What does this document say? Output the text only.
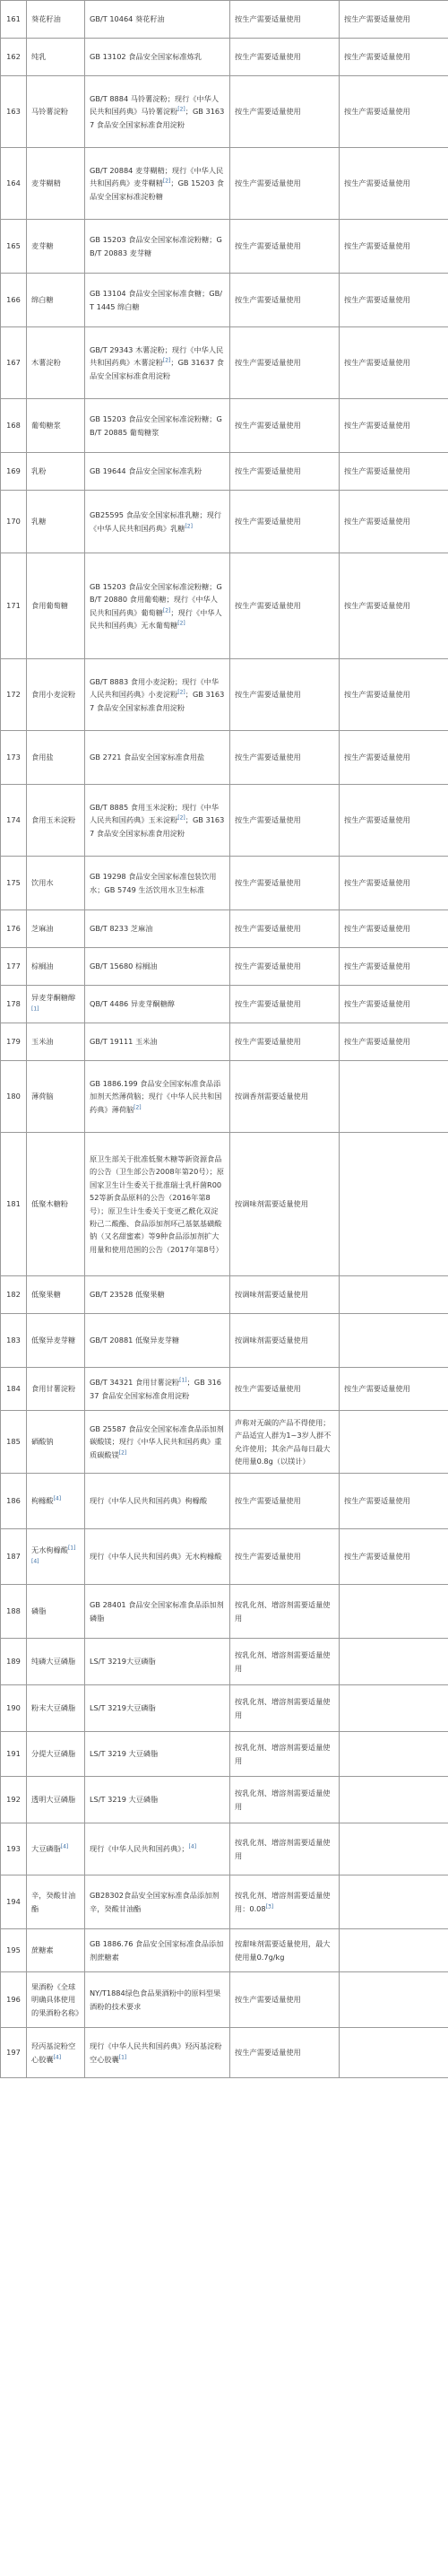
161	葵花籽油	GB/T 10464 葵花籽油	按生产需要适量使用	按生产需要适量使用
162	纯乳	GB 13102 食品安全国家标准炼乳	按生产需要适量使用	按生产需要适量使用
163	马铃薯淀粉	GB/T 8884 马铃薯淀粉；现行《中华人民共和国药典》马铃薯淀粉[2]；GB 31637 食品安全国家标准食用淀粉	按生产需要适量使用	按生产需要适量使用
164	麦芽糊精	GB/T 20884 麦芽糊精；现行《中华人民共和国药典》麦芽糊精[2]；GB 15203 食品安全国家标准淀粉糖	按生产需要适量使用	按生产需要适量使用
165	麦芽糖	GB 15203 食品安全国家标准淀粉糖；GB/T 20883 麦芽糖	按生产需要适量使用	按生产需要适量使用
166	绵白糖	GB 13104 食品安全国家标准食糖；GB/T 1445 绵白糖	按生产需要适量使用	按生产需要适量使用
167	木薯淀粉	GB/T 29343 木薯淀粉；现行《中华人民共和国药典》木薯淀粉[2]；GB 31637 食品安全国家标准食用淀粉	按生产需要适量使用	按生产需要适量使用
168	葡萄糖浆	GB 15203 食品安全国家标准淀粉糖；GB/T 20885 葡萄糖浆	按生产需要适量使用	按生产需要适量使用
169	乳粉	GB 19644 食品安全国家标准乳粉	按生产需要适量使用	按生产需要适量使用
170	乳糖	GB25595 食品安全国家标准乳糖；现行《中华人民共和国药典》乳糖[2]	按生产需要适量使用	按生产需要适量使用
171	食用葡萄糖	GB 15203 食品安全国家标准淀粉糖；GB/T 20880 食用葡萄糖；现行《中华人民共和国药典》葡萄糖[2]；现行《中华人民共和国药典》无水葡萄糖[2]	按生产需要适量使用	按生产需要适量使用
172	食用小麦淀粉	GB/T 8883 食用小麦淀粉；现行《中华人民共和国药典》小麦淀粉[2]；GB 31637 食品安全国家标准食用淀粉	按生产需要适量使用	按生产需要适量使用
173	食用盐	GB 2721 食品安全国家标准食用盐	按生产需要适量使用	按生产需要适量使用
174	食用玉米淀粉	GB/T 8885 食用玉米淀粉；现行《中华人民共和国药典》玉米淀粉[2]；GB 31637 食品安全国家标准食用淀粉	按生产需要适量使用	按生产需要适量使用
175	饮用水	GB 19298 食品安全国家标准包装饮用水；GB 5749 生活饮用水卫生标准	按生产需要适量使用	按生产需要适量使用
176	芝麻油	GB/T 8233 芝麻油	按生产需要适量使用	按生产需要适量使用
177	棕榈油	GB/T 15680 棕榈油	按生产需要适量使用	按生产需要适量使用
178	异麦芽酮糖醇[1]	QB/T 4486 异麦芽酮糖醇	按生产需要适量使用	按生产需要适量使用
179	玉米油	GB/T 19111 玉米油	按生产需要适量使用	按生产需要适量使用
180	薄荷脑	GB 1886.199 食品安全国家标准食品添加剂天然薄荷脑；现行《中华人民共和国药典》薄荷脑[2]	按调香剂需要适量使用	
181	低聚木糖粉	原卫生部关于批准低聚木糖等新资源食品的公告（卫生部公告2008年第20号）；原国家卫生计生委关于批准瑞士乳杆菌R0052等新食品原料的公告（2016年第8号）；原卫生计生委关于变更乙酰化双淀粉己二酸酯、食品添加剂环己基氨基磺酸钠（又名甜蜜素）等9种食品添加剂扩大用量和使用范围的公告（2017年第8号）	按调味剂需要适量使用	
182	低聚果糖	GB/T 23528 低聚果糖	按调味剂需要适量使用	
183	低聚异麦芽糖	GB/T 20881 低聚异麦芽糖	按调味剂需要适量使用	
184	食用甘薯淀粉	GB/T 34321 食用甘薯淀粉[1]；GB 31637 食品安全国家标准食用淀粉	按生产需要适量使用	按生产需要适量使用
185	硒酸钠	GB 25587 食品安全国家标准食品添加剂碳酸镁；现行《中华人民共和国药典》重质碳酸镁[2]	声称对无碳的产品不得使用；产品适宜人群为1~3岁人群不允许使用；其余产品每日最大使用量0.8g（以镁计）	
186	枸橼酸[4]	现行《中华人民共和国药典》枸橼酸	按生产需要适量使用	按生产需要适量使用
187	无水枸橼酸[1][4]	现行《中华人民共和国药典》无水枸橼酸	按生产需要适量使用	按生产需要适量使用
188	磷脂	GB 28401 食品安全国家标准食品添加剂磷脂	按乳化剂、增溶剂需要适量使用	
189	纯磷大豆磷脂	LS/T 3219大豆磷脂	按乳化剂、增溶剂需要适量使用	
190	粉末大豆磷脂	LS/T 3219大豆磷脂	按乳化剂、增溶剂需要适量使用	
191	分提大豆磷脂	LS/T 3219 大豆磷脂	按乳化剂、增溶剂需要适量使用	
192	透明大豆磷脂	LS/T 3219 大豆磷脂	按乳化剂、增溶剂需要适量使用	
193	大豆磷脂[4]	现行《中华人民共和国药典》；[4]	按乳化剂、增溶剂需要适量使用	
194	辛，癸酸甘油酯	GB28302食品安全国家标准食品添加剂辛，癸酸甘油酯	按乳化剂、增溶剂需要适量使用：0.08[3]	
195	蔗糖素	GB 1886.76 食品安全国家标准食品添加剂蔗糖素	按甜味剂需要适量使用，最大使用量0.7g/kg	
196	果酒粉《全球明确具体使用的果酒粉名称》	NY/T1884绿色食品果酒粉中的原料型果酒粉的技术要求	按生产需要适量使用	
197	羟丙基淀粉空心胶囊[4]	现行《中华人民共和国药典》羟丙基淀粉空心胶囊[1]	按生产需要适量使用	
